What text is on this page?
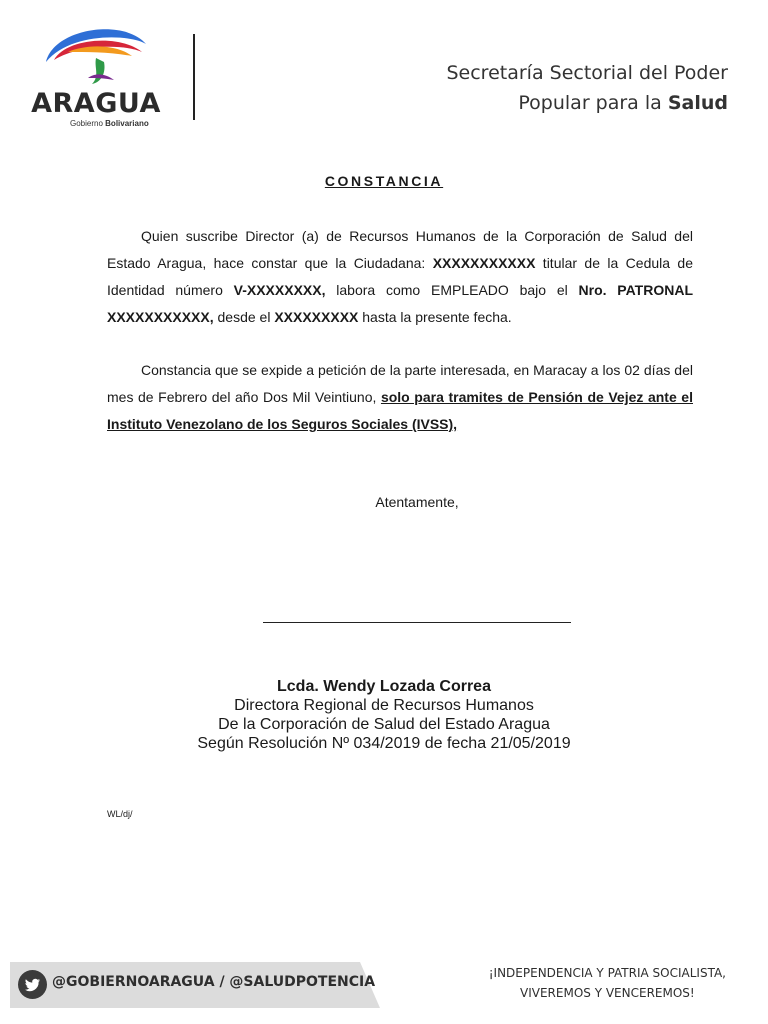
ARAGUA
Gobierno Bolivariano
Secretaría Sectorial del Poder
Popular para la Salud
CONSTANCIA
Quien suscribe Director (a) de Recursos Humanos de la Corporación de Salud del Estado Aragua, hace constar que la Ciudadana: XXXXXXXXXXX titular de la Cedula de Identidad número V-XXXXXXXX, labora como EMPLEADO bajo el Nro. PATRONAL XXXXXXXXXXX, desde el XXXXXXXXX hasta la presente fecha.
Constancia que se expide a petición de la parte interesada, en Maracay a los 02 días del mes de Febrero del año Dos Mil Veintiuno, solo para tramites de Pensión de Vejez ante el Instituto Venezolano de los Seguros Sociales (IVSS),
Atentamente,
Lcda. Wendy Lozada Correa
Directora Regional de Recursos Humanos
De la Corporación de Salud del Estado Aragua
Según Resolución Nº 034/2019 de fecha 21/05/2019
WL/dj/
@GOBIERNOARAGUA / @SALUDPOTENCIA
¡INDEPENDENCIA Y PATRIA SOCIALISTA,
VIVEREMOS Y VENCEREMOS!
